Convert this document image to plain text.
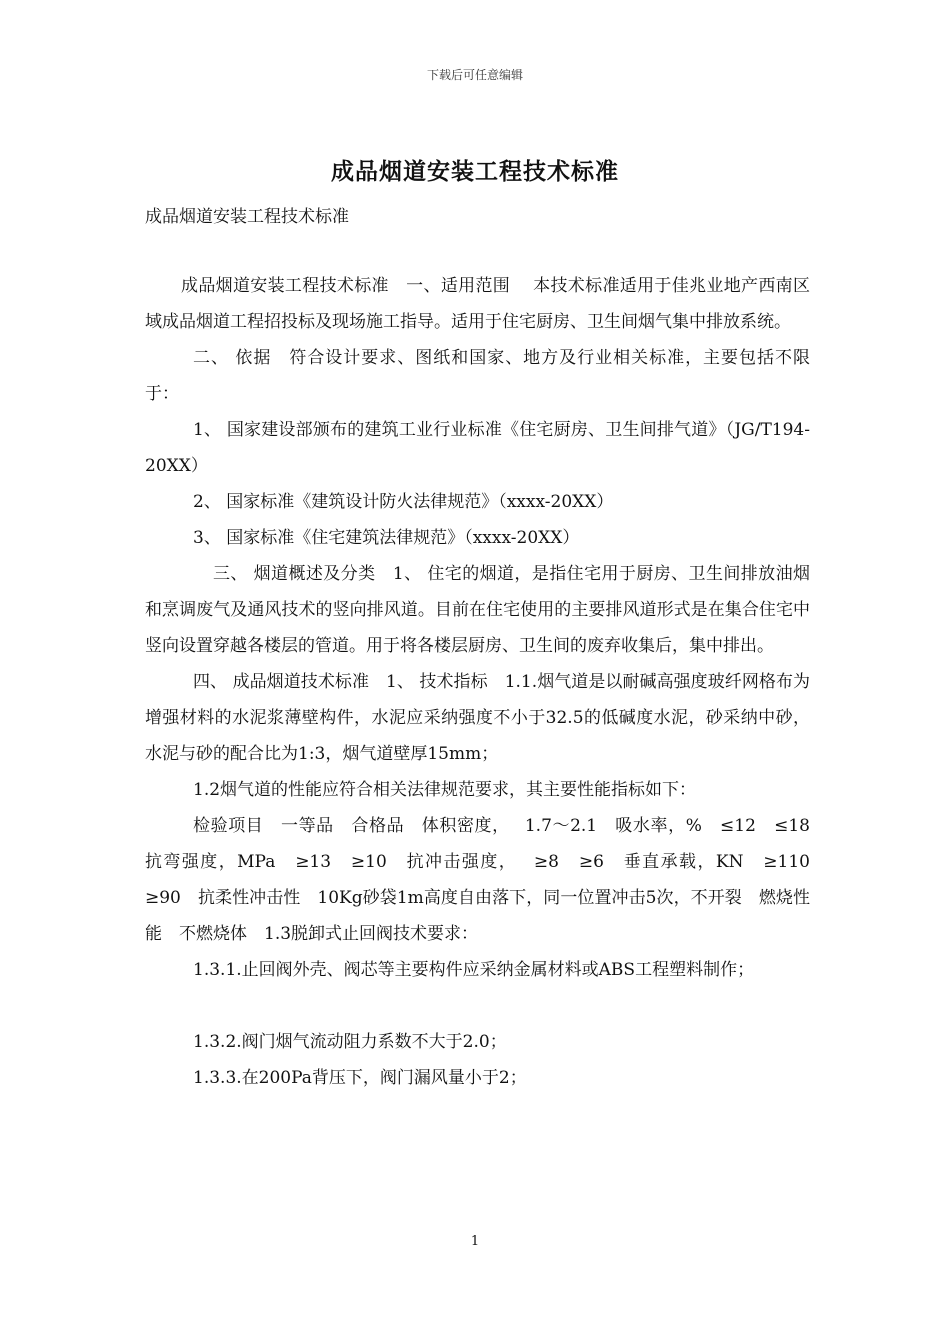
下载后可任意编辑
成品烟道安装工程技术标准
成品烟道安装工程技术标准

成品烟道安装工程技术标准　一、适用范围　 本技术标准适用于佳兆业地产西南区域成品烟道工程招投标及现场施工指导。适用于住宅厨房、卫生间烟气集中排放系统。

二、 依据　符合设计要求、图纸和国家、地方及行业相关标准，主要包括不限于：

1、 国家建设部颁布的建筑工业行业标准《住宅厨房、卫生间排气道》（JG/T194-20XX）

2、 国家标准《建筑设计防火法律规范》（xxxx-20XX）

3、 国家标准《住宅建筑法律规范》（xxxx-20XX）

三、 烟道概述及分类　1、 住宅的烟道，是指住宅用于厨房、卫生间排放油烟和烹调废气及通风技术的竖向排风道。目前在住宅使用的主要排风道形式是在集合住宅中竖向设置穿越各楼层的管道。用于将各楼层厨房、卫生间的废弃收集后，集中排出。

四、 成品烟道技术标准　1、 技术指标　1.1.烟气道是以耐碱高强度玻纤网格布为增强材料的水泥浆薄壁构件，水泥应采纳强度不小于32.5的低碱度水泥，砂采纳中砂，水泥与砂的配合比为1:3，烟气道壁厚15mm；

1.2烟气道的性能应符合相关法律规范要求，其主要性能指标如下：

检验项目　一等品　合格品　体积密度，　 1.7～2.1　吸水率，%　≤12　≤18　抗弯强度，MPa　≥13　≥10　抗冲击强度，　 ≥8　≥6　垂直承载，KN　≥110　≥90　抗柔性冲击性　10Kg砂袋1m高度自由落下，同一位置冲击5次，不开裂　燃烧性能　不燃烧体　1.3脱卸式止回阀技术要求：

1.3.1.止回阀外壳、阀芯等主要构件应采纳金属材料或ABS工程塑料制作；

1.3.2.阀门烟气流动阻力系数不大于2.0；

1.3.3.在200Pa背压下，阀门漏风量小于2；

1
